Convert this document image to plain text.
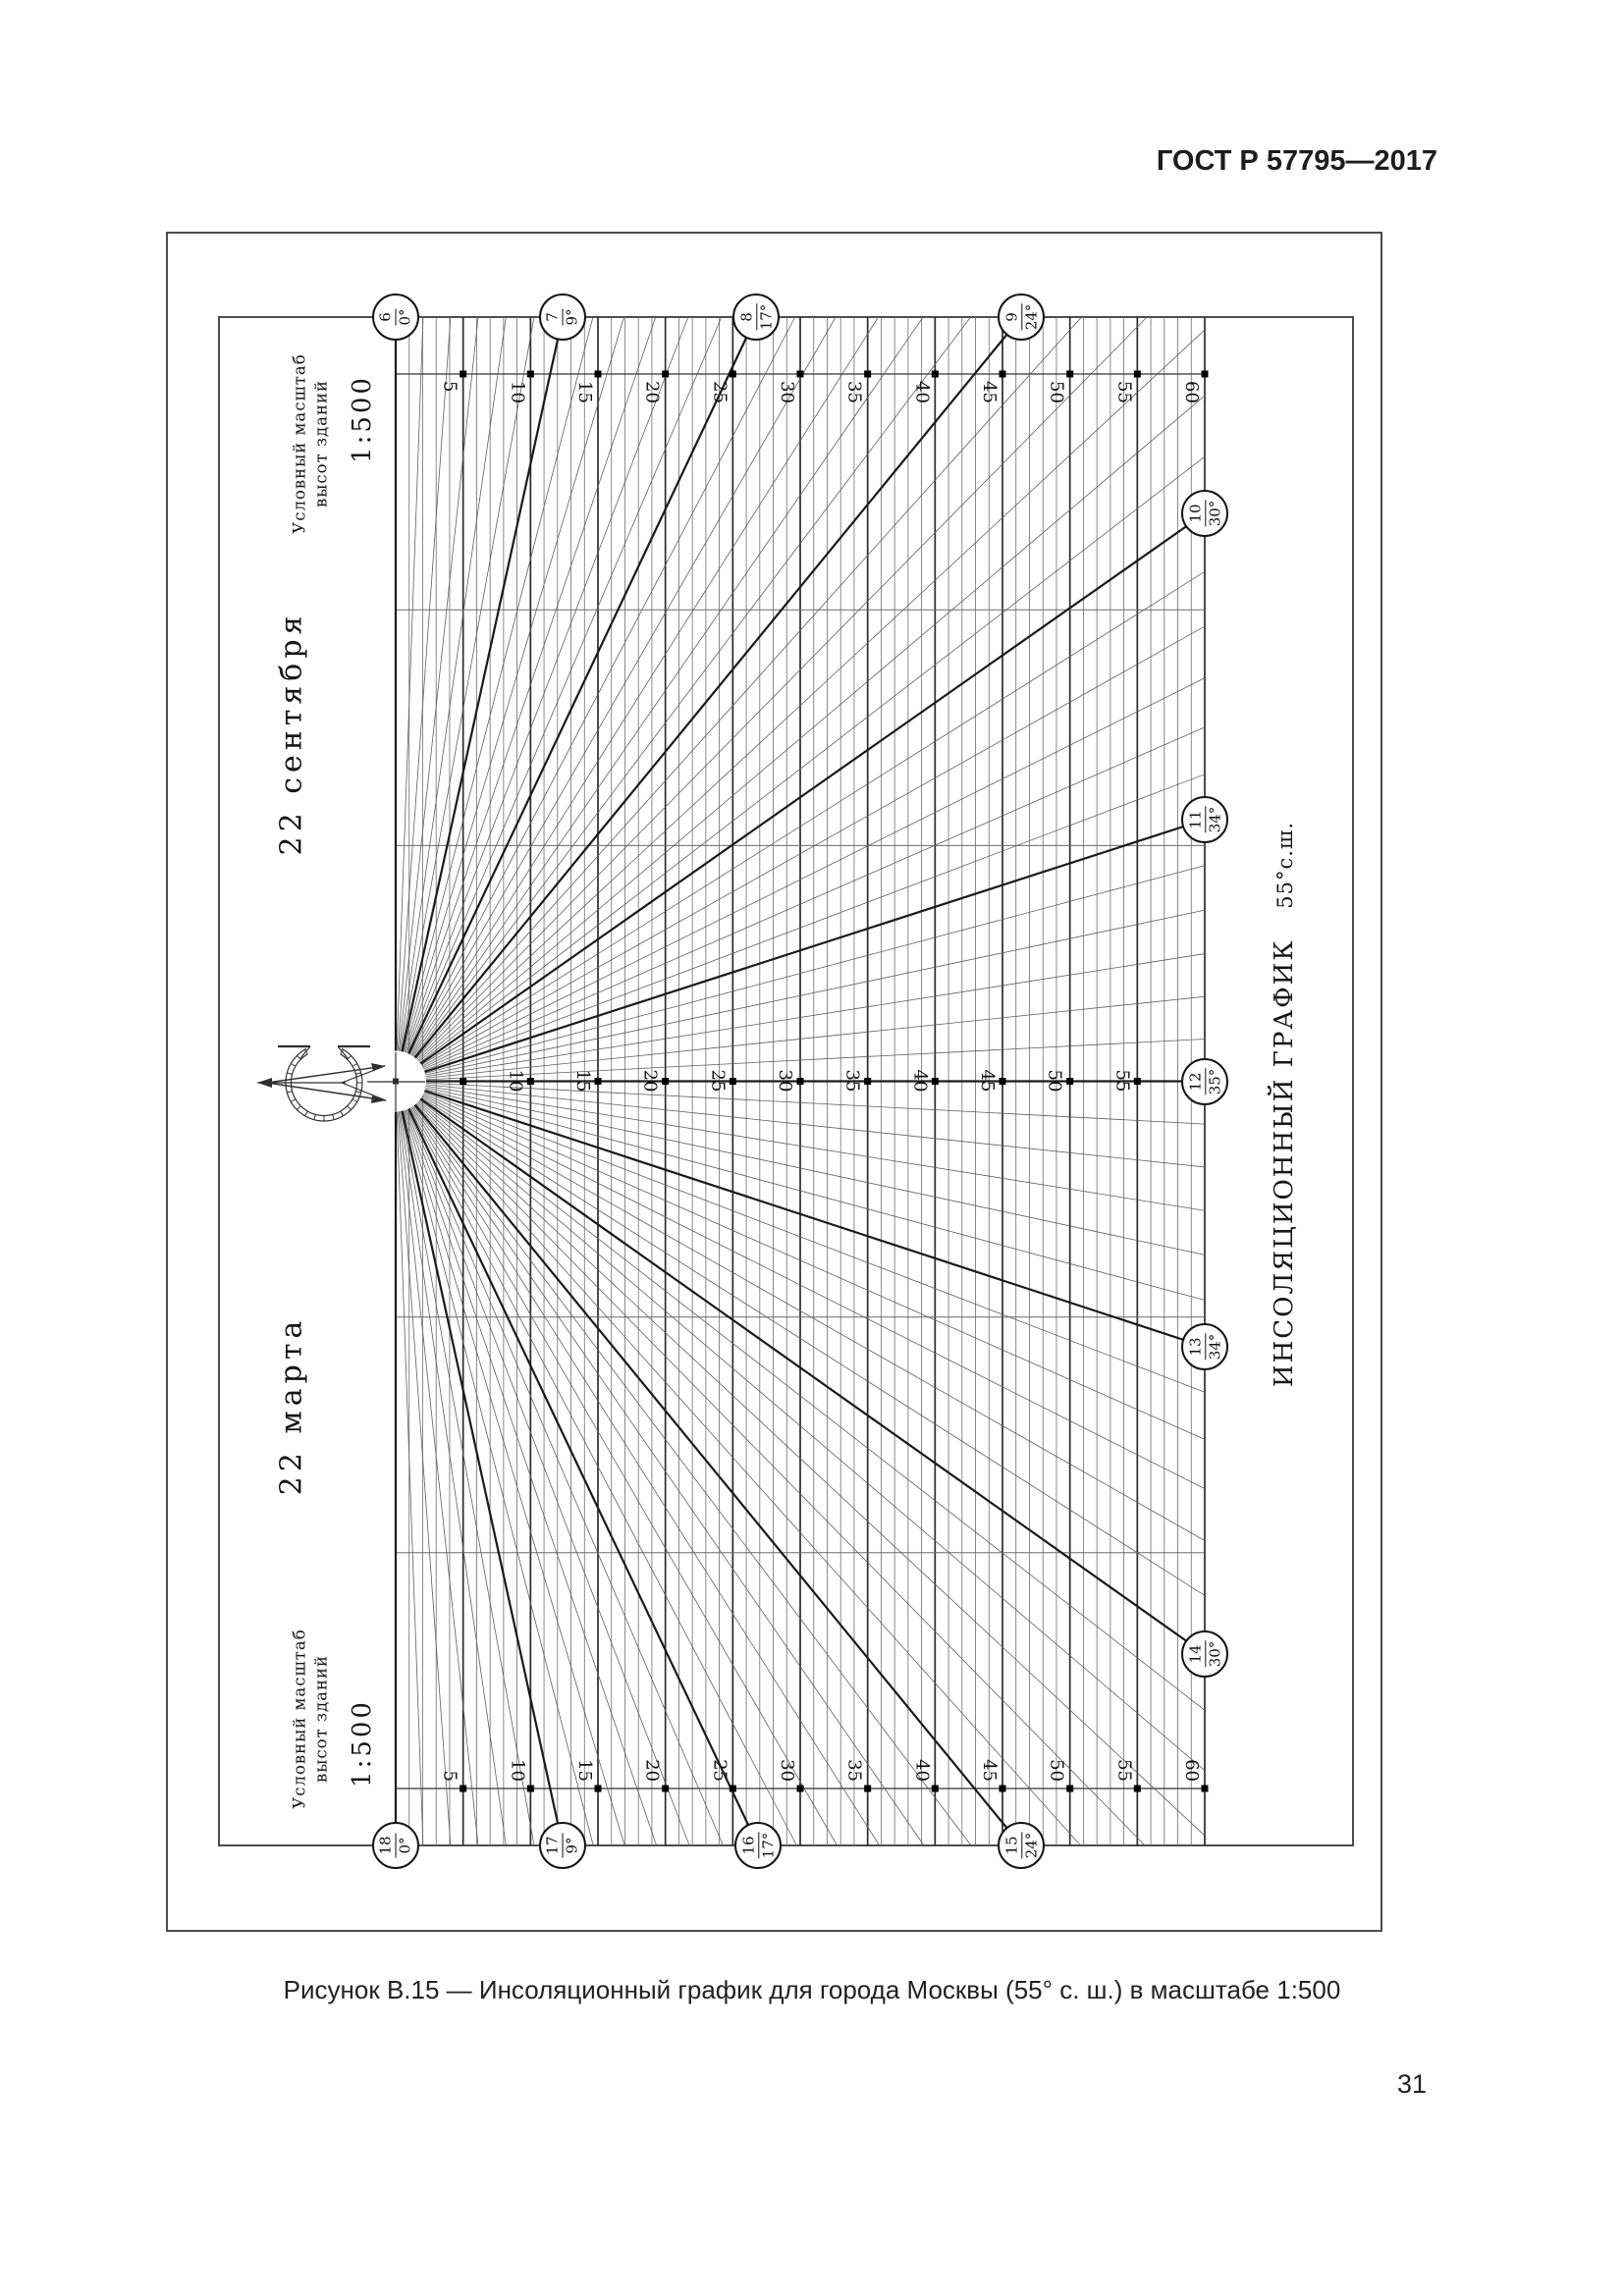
ГОСТ Р 57795—2017
Условный масштаб высот зданий 1:500
22 сентября
22 марта
Условный масштаб высот зданий 1:500
ИНСОЛЯЦИОННЫЙ ГРАФИК   55°с.ш.
5	10	15	20	25	30	35	40	45	50	55	60
5	10	15	20	25	30	35	40	45	50	55	60
10	15	20	25	30	35	40	45	50	55
6 0°	7 9°	8 17°	9 24°
10 30°
11 34°
12 35°
13 34°
14 30°
15 24°
16 17°
17 9°
18 0°
Рисунок В.15 — Инсоляционный график для города Москвы (55° с. ш.) в масштабе 1:500
31
